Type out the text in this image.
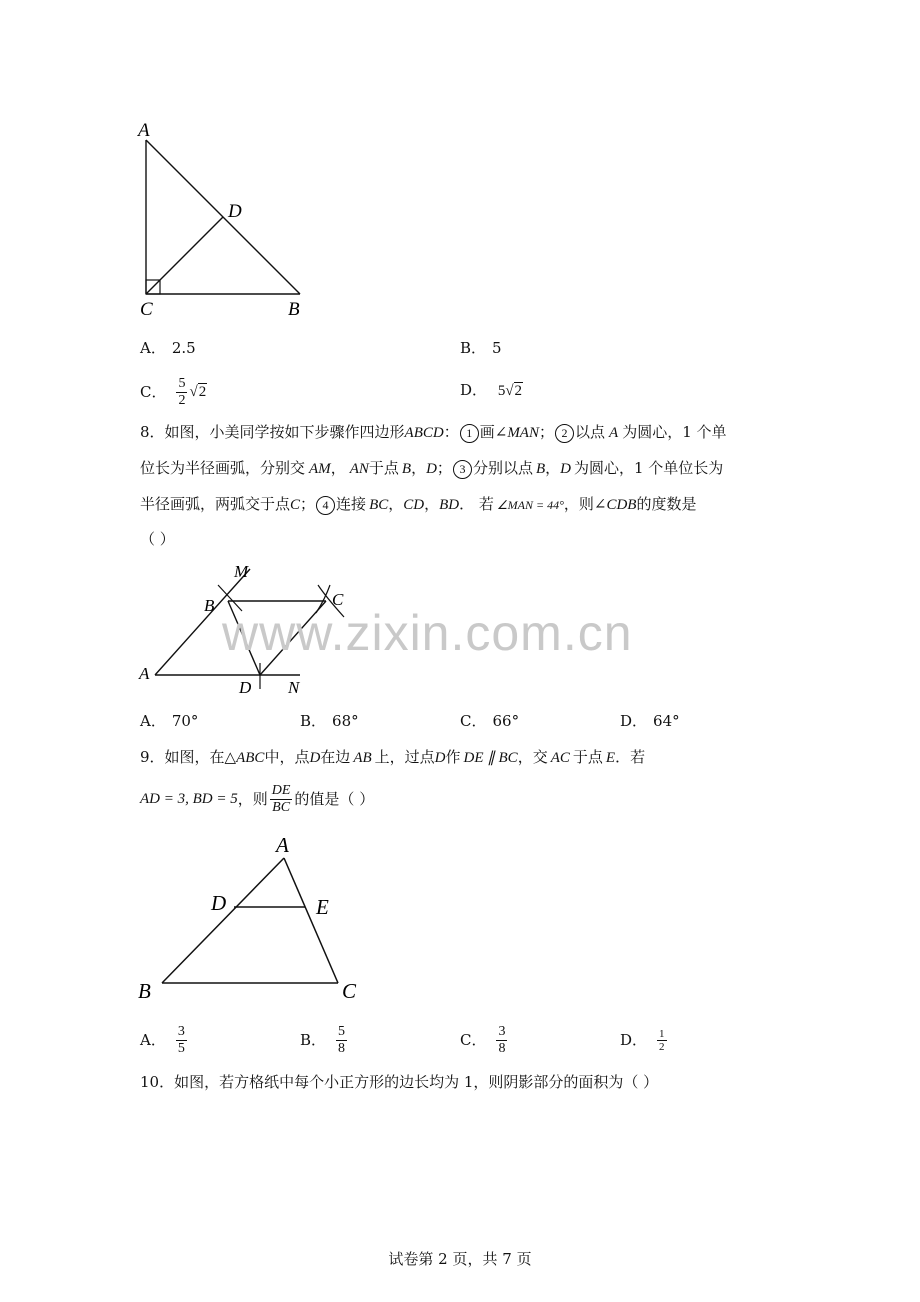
A
D
C	B
A． 2.5	B． 5
C． $\frac{5}{2} √2$	D． 5√2
8．如图，小美同学按如下步骤作四边形ABCD： 1 画∠MAN； 2 以点 A 为圆心，1 个单
位长为半径画弧，分别交 AM， AN于点 B，D； 3 分别以点 B，D 为圆心，1 个单位长为
半径画弧，两弧交于点C； 4 连接 BC，CD，BD． 若 ∠MAN = 44°，则∠CDB的度数是
（ ）
M
B	C
A
D N
www.zixin.com.cn
A． 70°	B． 68°	C． 66°	D． 64°
9．如图，在△ABC中，点D在边 AB 上，过点D作 DE ∥ BC，交 AC 于点 E．若
AD = 3, BD = 5 ，则 $\frac{DE}{BC}$ 的值是（ ）
A
D	E
B	C
A． $\frac{3}{5}$	B． $\frac{5}{8}$	C． $\frac{3}{8}$	D． $\frac{1}{2}$
10．如图，若方格纸中每个小正方形的边长均为 1，则阴影部分的面积为（ ）
试卷第 2 页，共 7 页
